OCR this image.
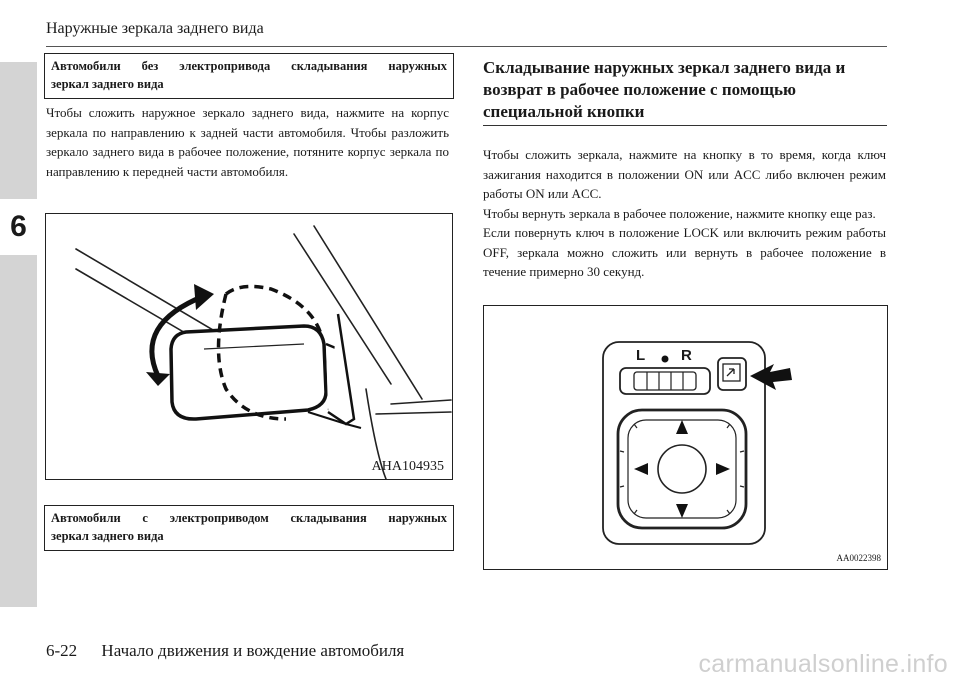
6
Наружные зеркала заднего вида
Автомобили без электропривода складывания наружных
зеркал заднего вида

Чтобы сложить наружное зеркало заднего вида, нажмите на корпус зеркала по направлению к задней части автомобиля. Чтобы разложить зеркало заднего вида в рабочее положение, потяните корпус зеркала по направлению к передней части автомобиля.

AHA104935
Автомобили с электроприводом складывания наружных
зеркал заднего вида
Складывание наружных зеркал заднего вида и возврат в рабочее положение с помощью специальной кнопки

Чтобы сложить зеркала, нажмите на кнопку в то время, когда ключ зажигания находится в положении ON или ACC либо включен режим работы ON или ACC.

Чтобы вернуть зеркала в рабочее положение, нажмите кнопку еще раз.

Если повернуть ключ в положение LOCK или включить режим работы OFF, зеркала можно сложить или вернуть в рабочее положение в течение примерно 30 секунд.

L R
AA0022398
6-22 Начало движения и вождение автомобиля	carmanualsonline.info
